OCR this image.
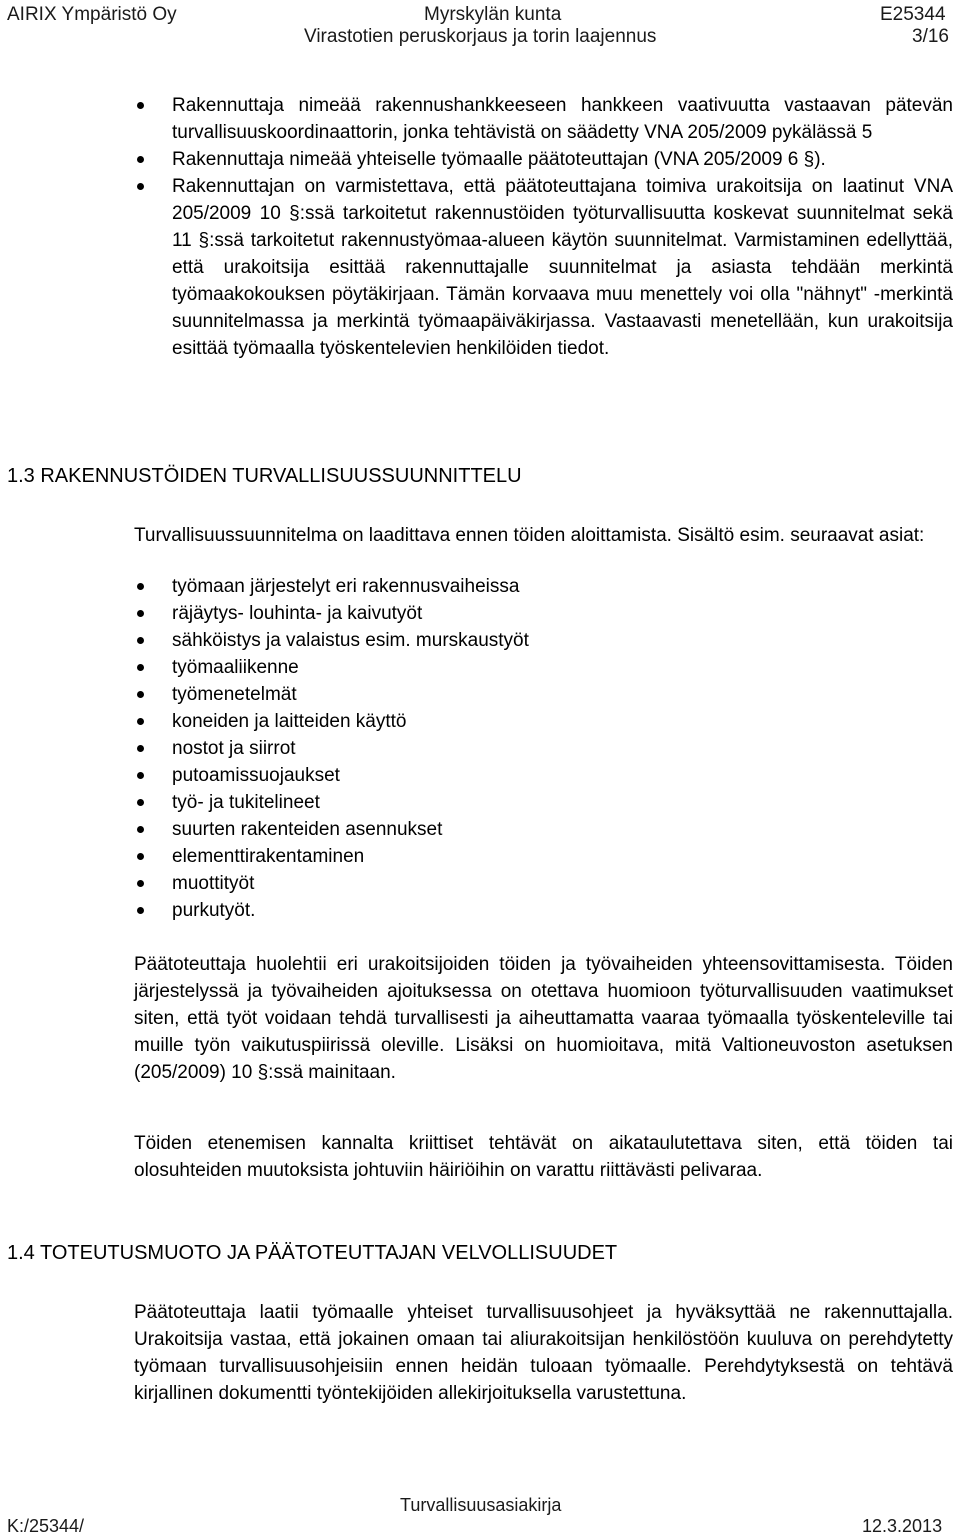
AIRIX Ympäristö Oy	Myrskylän kunta	E25344
Virastotien peruskorjaus ja torin laajennus	3/16
Rakennuttaja nimeää rakennushankkeeseen hankkeen vaativuutta vastaavan pätevän turvallisuuskoordinaattorin, jonka tehtävistä on säädetty VNA 205/2009 pykälässä 5
Rakennuttaja nimeää yhteiselle työmaalle päätoteuttajan (VNA 205/2009 6 §).
Rakennuttajan on varmistettava, että päätoteuttajana toimiva urakoitsija on laatinut VNA 205/2009 10 §:ssä tarkoitetut rakennustöiden työturvallisuutta koskevat suunnitelmat sekä 11 §:ssä tarkoitetut rakennustyömaa-alueen käytön suunnitelmat. Varmistaminen edellyttää, että urakoitsija esittää rakennuttajalle suunnitelmat ja asiasta tehdään merkintä työmaakokouksen pöytäkirjaan. Tämän korvaava muu menettely voi olla "nähnyt" -merkintä suunnitelmassa ja merkintä työmaapäiväkirjassa. Vastaavasti menetellään, kun urakoitsija esittää työmaalla työskentelevien henkilöiden tiedot.
1.3 RAKENNUSTÖIDEN TURVALLISUUSSUUNNITTELU
Turvallisuussuunnitelma on laadittava ennen töiden aloittamista. Sisältö esim. seuraavat asiat:
työmaan järjestelyt eri rakennusvaiheissa
räjäytys- louhinta- ja kaivutyöt
sähköistys ja valaistus esim. murskaustyöt
työmaaliikenne
työmenetelmät
koneiden ja laitteiden käyttö
nostot ja siirrot
putoamissuojaukset
työ- ja tukitelineet
suurten rakenteiden asennukset
elementtirakentaminen
muottityöt
purkutyöt.
Päätoteuttaja huolehtii eri urakoitsijoiden töiden ja työvaiheiden yhteensovittamisesta. Töiden järjestelyssä ja työvaiheiden ajoituksessa on otettava huomioon työturvallisuuden vaatimukset siten, että työt voidaan tehdä turvallisesti ja aiheuttamatta vaaraa työmaalla työskenteleville tai muille työn vaikutuspiirissä oleville. Lisäksi on huomioitava, mitä Valtioneuvoston asetuksen (205/2009) 10 §:ssä mainitaan.
Töiden etenemisen kannalta kriittiset tehtävät on aikataulutettava siten, että töiden tai olosuhteiden muutoksista johtuviin häiriöihin on varattu riittävästi pelivaraa.
1.4 TOTEUTUSMUOTO JA PÄÄTOTEUTTAJAN VELVOLLISUUDET
Päätoteuttaja laatii työmaalle yhteiset turvallisuusohjeet ja hyväksyttää ne rakennuttajalla. Urakoitsija vastaa, että jokainen omaan tai aliurakoitsijan henkilöstöön kuuluva on perehdytetty työmaan turvallisuusohjeisiin ennen heidän tuloaan työmaalle. Perehdytyksestä on tehtävä kirjallinen dokumentti työntekijöiden allekirjoituksella varustettuna.
Turvallisuusasiakirja
K:/25344/	12.3.2013
